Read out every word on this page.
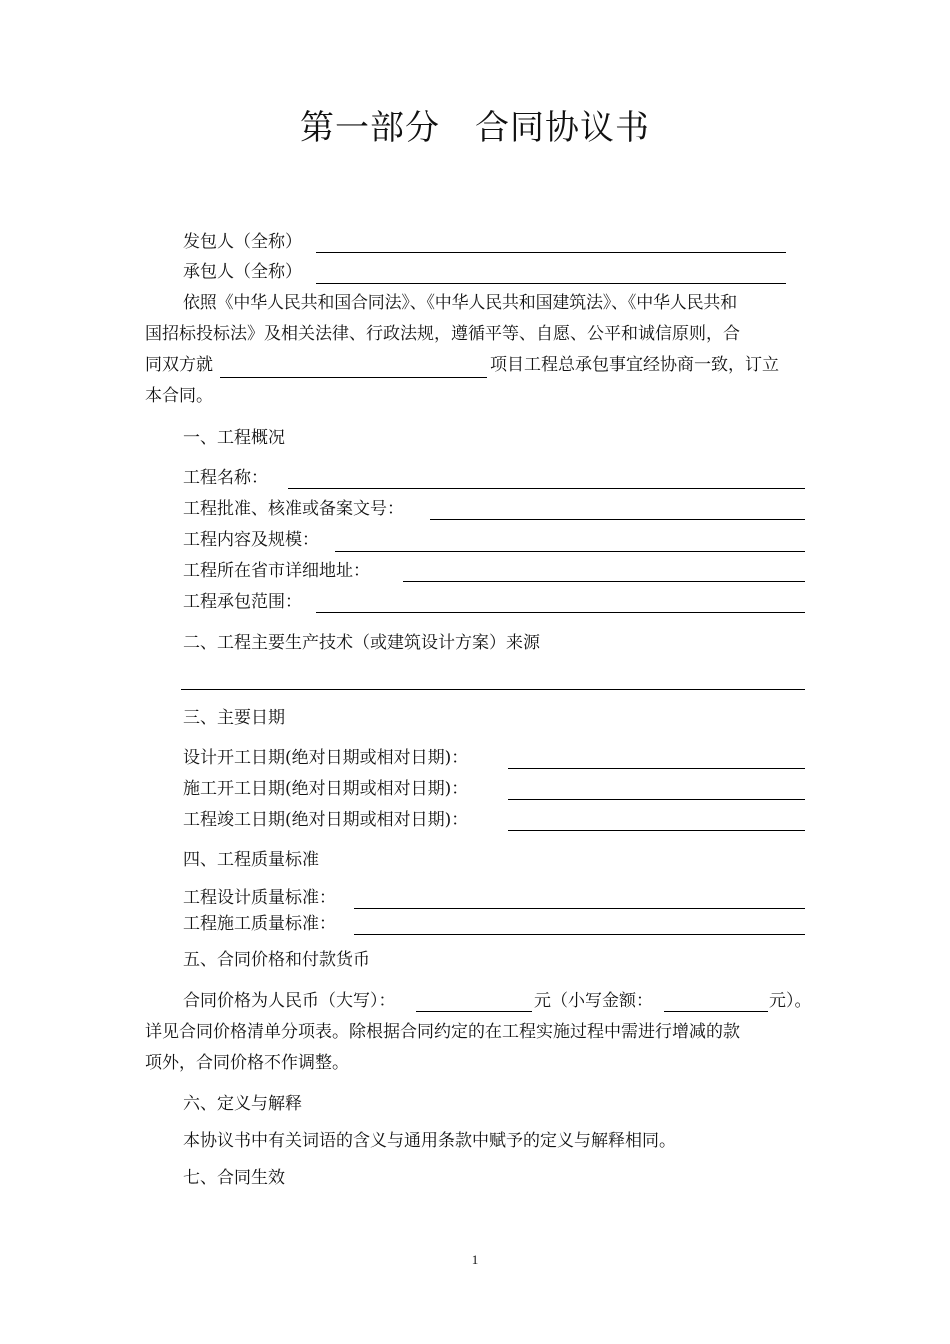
第一部分　合同协议书
发包人（全称）
承包人（全称）
依照《中华人民共和国合同法》、《中华人民共和国建筑法》、《中华人民共和
国招标投标法》及相关法律、行政法规，遵循平等、自愿、公平和诚信原则，合
同双方就	项目工程总承包事宜经协商一致，订立
本合同。
一、工程概况
工程名称：
工程批准、核准或备案文号：
工程内容及规模：
工程所在省市详细地址：
工程承包范围：
二、工程主要生产技术（或建筑设计方案）来源
三、主要日期
设计开工日期(绝对日期或相对日期)：
施工开工日期(绝对日期或相对日期)：
工程竣工日期(绝对日期或相对日期)：
四、工程质量标准
工程设计质量标准：
工程施工质量标准：
五、合同价格和付款货币
合同价格为人民币（大写）：	元（小写金额：	元）。
详见合同价格清单分项表。除根据合同约定的在工程实施过程中需进行增减的款
项外，合同价格不作调整。
六、定义与解释
本协议书中有关词语的含义与通用条款中赋予的定义与解释相同。
七、合同生效
1
